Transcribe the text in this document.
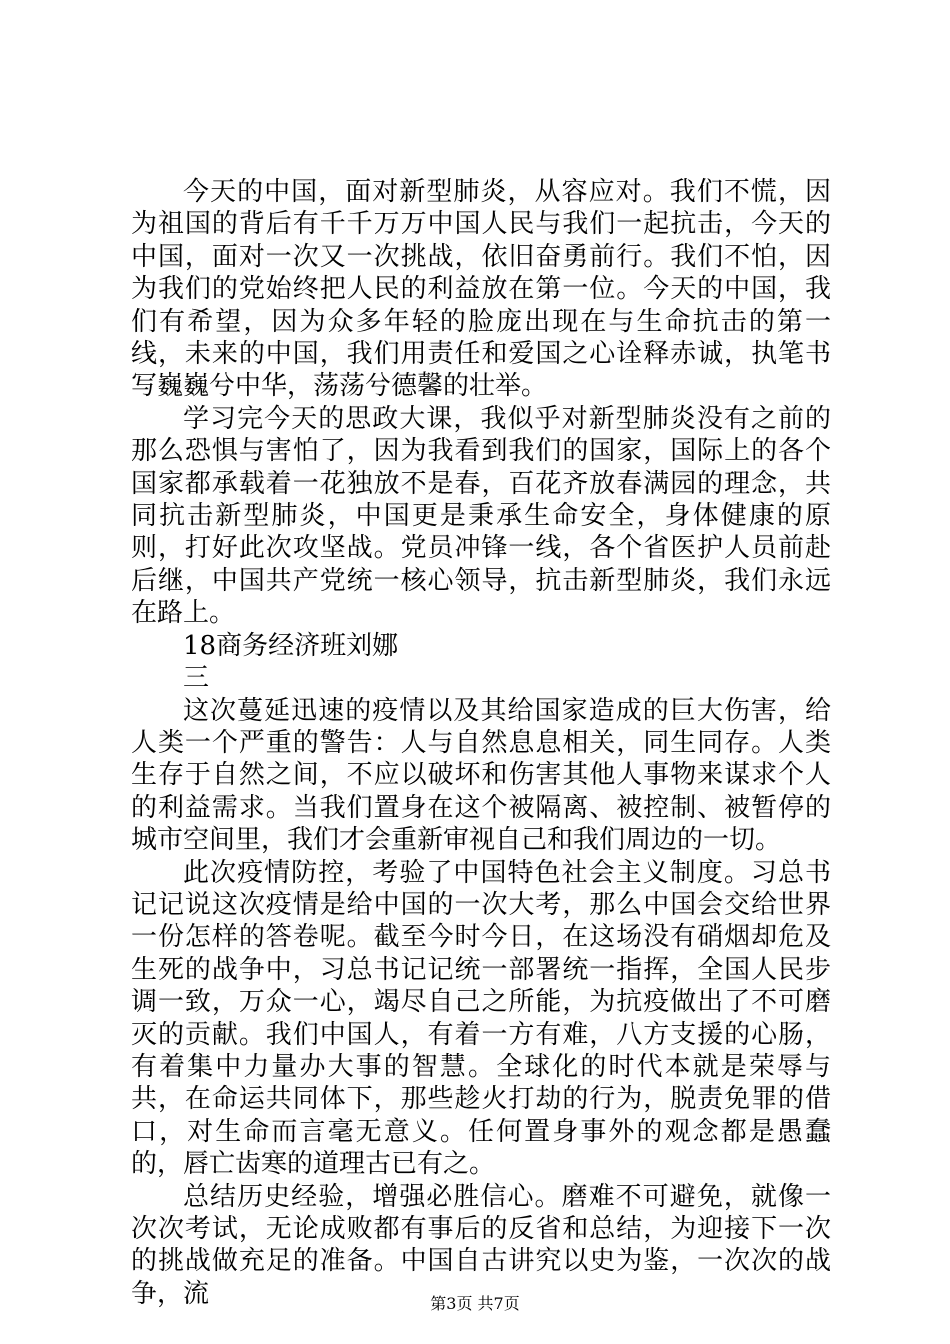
今天的中国，面对新型肺炎，从容应对。我们不慌，因为祖国的背后有千千万万中国人民与我们一起抗击，今天的中国，面对一次又一次挑战，依旧奋勇前行。我们不怕，因为我们的党始终把人民的利益放在第一位。今天的中国，我们有希望，因为众多年轻的脸庞出现在与生命抗击的第一线，未来的中国，我们用责任和爱国之心诠释赤诚，执笔书写巍巍兮中华，荡荡兮德馨的壮举。

学习完今天的思政大课，我似乎对新型肺炎没有之前的那么恐惧与害怕了，因为我看到我们的国家，国际上的各个国家都承载着一花独放不是春，百花齐放春满园的理念，共同抗击新型肺炎，中国更是秉承生命安全，身体健康的原则，打好此次攻坚战。党员冲锋一线，各个省医护人员前赴后继，中国共产党统一核心领导，抗击新型肺炎，我们永远在路上。

18商务经济班刘娜

三

这次蔓延迅速的疫情以及其给国家造成的巨大伤害，给人类一个严重的警告：人与自然息息相关，同生同存。人类生存于自然之间，不应以破坏和伤害其他人事物来谋求个人的利益需求。当我们置身在这个被隔离、被控制、被暂停的城市空间里，我们才会重新审视自己和我们周边的一切。

此次疫情防控，考验了中国特色社会主义制度。习总书记记说这次疫情是给中国的一次大考，那么中国会交给世界一份怎样的答卷呢。截至今时今日，在这场没有硝烟却危及生死的战争中，习总书记记统一部署统一指挥，全国人民步调一致，万众一心，竭尽自己之所能，为抗疫做出了不可磨灭的贡献。我们中国人，有着一方有难，八方支援的心肠，有着集中力量办大事的智慧。全球化的时代本就是荣辱与共，在命运共同体下，那些趁火打劫的行为，脱责免罪的借口，对生命而言毫无意义。任何置身事外的观念都是愚蠢的，唇亡齿寒的道理古已有之。

总结历史经验，增强必胜信心。磨难不可避免，就像一次次考试，无论成败都有事后的反省和总结，为迎接下一次的挑战做充足的准备。中国自古讲究以史为鉴，一次次的战争，流	第3页 共7页
